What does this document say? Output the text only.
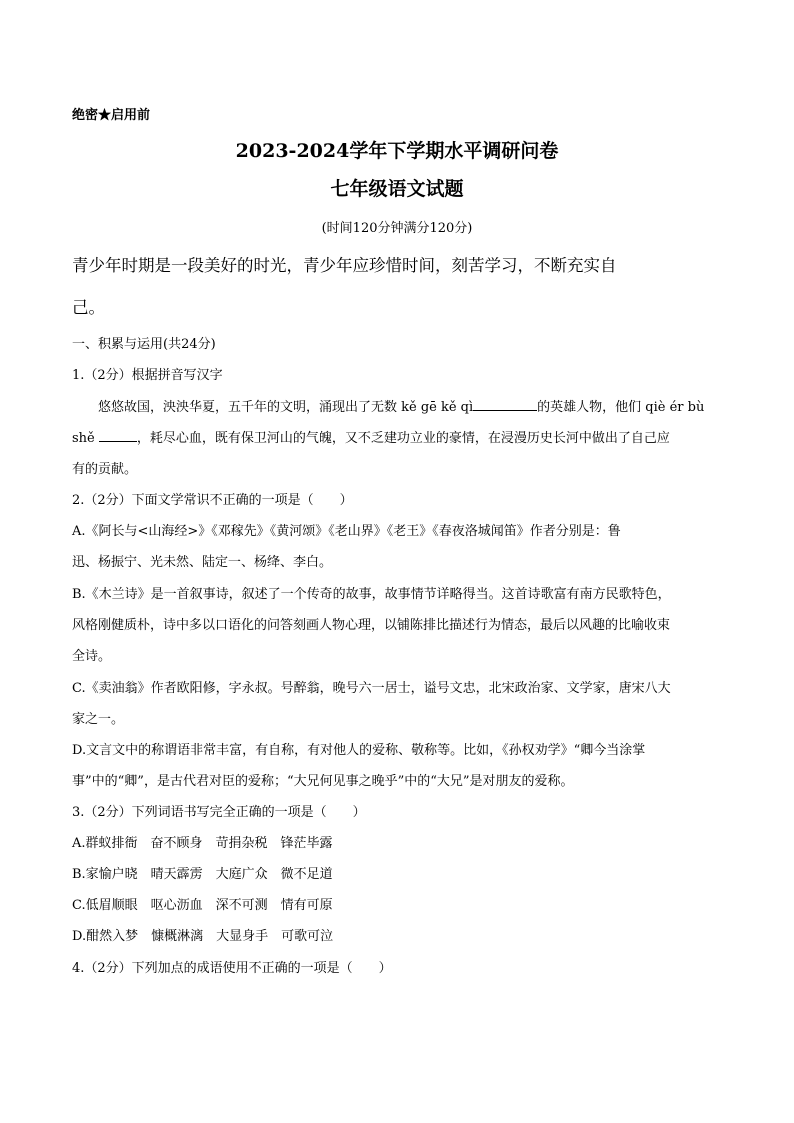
绝密★启用前
2023-2024学年下学期水平调研问卷
七年级语文试题
(时间120分钟满分120分)
青少年时期是一段美好的时光，青少年应珍惜时间，刻苦学习，不断充实自
己。
一、积累与运用(共24分)
1.（2分）根据拼音写汉字
悠悠故国，泱泱华夏，五千年的文明，涌现出了无数 kě gē kě qì	的英雄人物，他们 qiè ér bù
shě	，耗尽心血，既有保卫河山的气魄，又不乏建功立业的豪情，在浸漫历史长河中做出了自己应
有的贡献。
2.（2分）下面文学常识不正确的一项是（　　）
A.《阿长与<山海经>》《邓稼先》《黄河颂》《老山界》《老王》《春夜洛城闻笛》作者分别是：鲁
迅、杨振宁、光未然、陆定一、杨绛、李白。
B.《木兰诗》是一首叙事诗，叙述了一个传奇的故事，故事情节详略得当。这首诗歌富有南方民歌特色，
风格刚健质朴，诗中多以口语化的问答刻画人物心理，以铺陈排比描述行为情态，最后以风趣的比喻收束
全诗。
C.《卖油翁》作者欧阳修，字永叔。号醉翁，晚号六一居士，谥号文忠，北宋政治家、文学家，唐宋八大
家之一。
D.文言文中的称谓语非常丰富，有自称，有对他人的爱称、敬称等。比如，《孙权劝学》“卿今当涂掌
事”中的“卿”，是古代君对臣的爱称；“大兄何见事之晚乎”中的“大兄”是对朋友的爱称。
3.（2分）下列词语书写完全正确的一项是（　　）
A.群蚁排衙　奋不顾身　苛捐杂税　锋茫毕露
B.家愉户晓　晴天霹雳　大庭广众　微不足道
C.低眉顺眼　呕心沥血　深不可测　情有可原
D.酣然入梦　慷概淋漓　大显身手　可歌可泣
4.（2分）下列加点的成语使用不正确的一项是（　　）
